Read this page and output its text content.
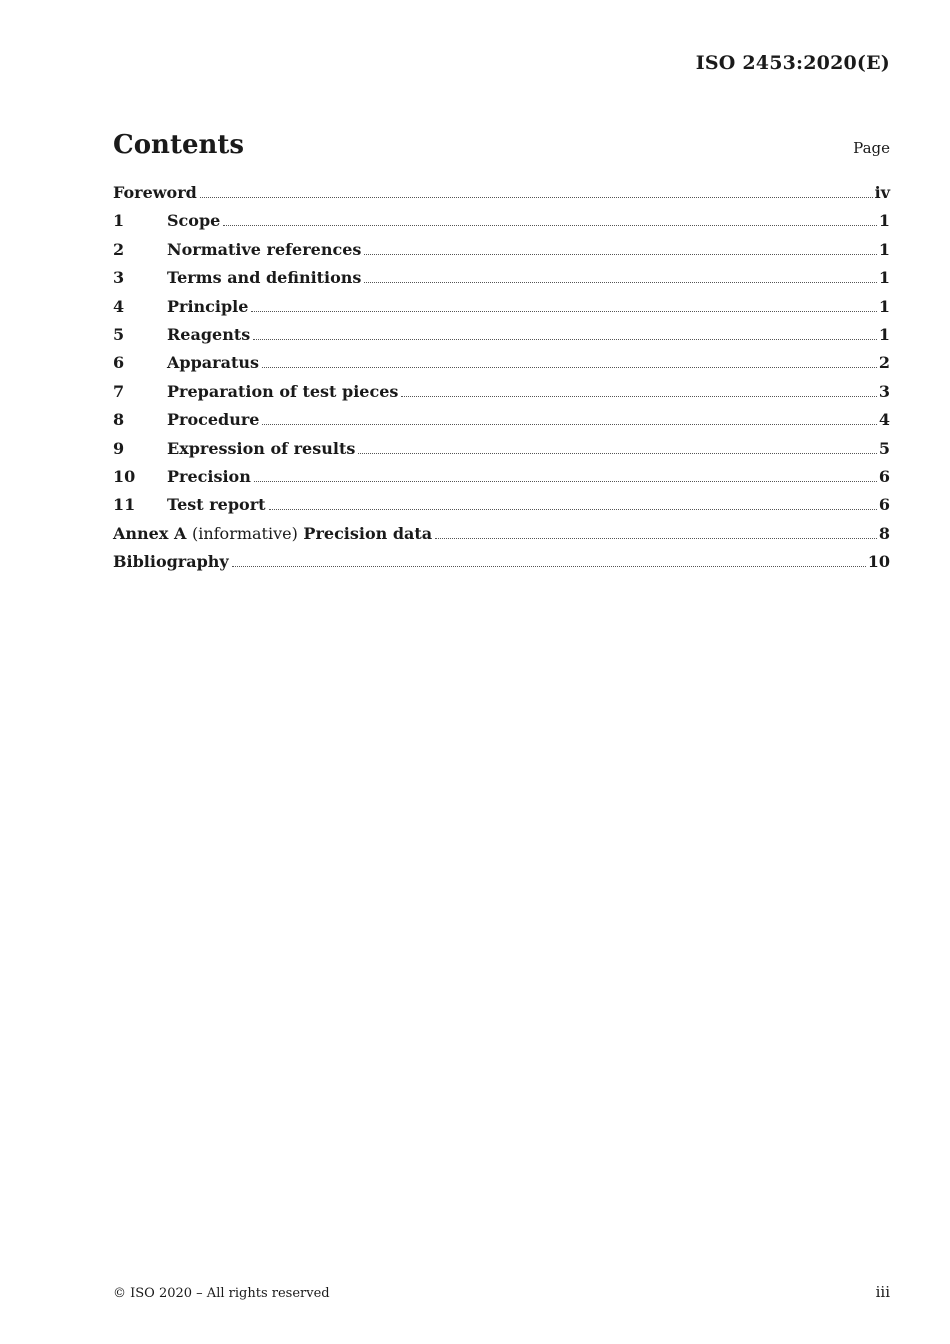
ISO 2453:2020(E)
Contents	Page
Foreword	iv
1	Scope	1
2	Normative references	1
3	Terms and definitions	1
4	Principle	1
5	Reagents	1
6	Apparatus	2
7	Preparation of test pieces	3
8	Procedure	4
9	Expression of results	5
10	Precision	6
11	Test report	6
Annex A (informative) Precision data	8
Bibliography	10
© ISO 2020 – All rights reserved	iii
